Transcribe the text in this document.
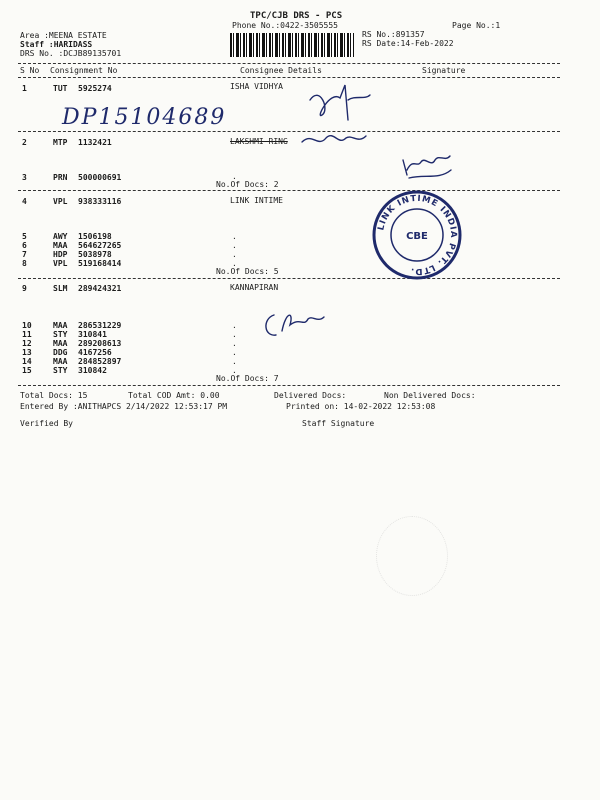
TPC/CJB DRS - PCS
Phone No.:0422-3505555	Page No.:1
Area :MEENA ESTATE
Staff :HARIDASS
DRS No. :DCJB89135701
RS No.:891357
RS Date:14-Feb-2022
S No Consignment No	Consignee Details	Signature
1	TUT 5925274	ISHA VIDHYA
2	MTP 1132421	LAKSHMI RING
3	PRN 500000691	.
No.Of Docs: 2
4	VPL 938333116	LINK INTIME
5	AWY 1506198
6	MAA 564627265
7	HDP 5038978
8	VPL 519168414
.
.
.
.
No.Of Docs: 5
9	SLM 289424321	KANNAPIRAN
10	MAA 286531229
11	STY 310841
12	MAA 289208613
13	DDG 4167256
14	MAA 284852897
15	STY 310842
.
.
.
.
.
.
No.Of Docs: 7
DP15104689
LINK INTIME INDIA PVT. LTD.
CBE
Total Docs: 15	Total COD Amt: 0.00	Delivered Docs:	Non Delivered Docs:
Entered By :ANITHAPCS 2/14/2022 12:53:17 PM	Printed on: 14-02-2022 12:53:08
Verified By	Staff Signature
